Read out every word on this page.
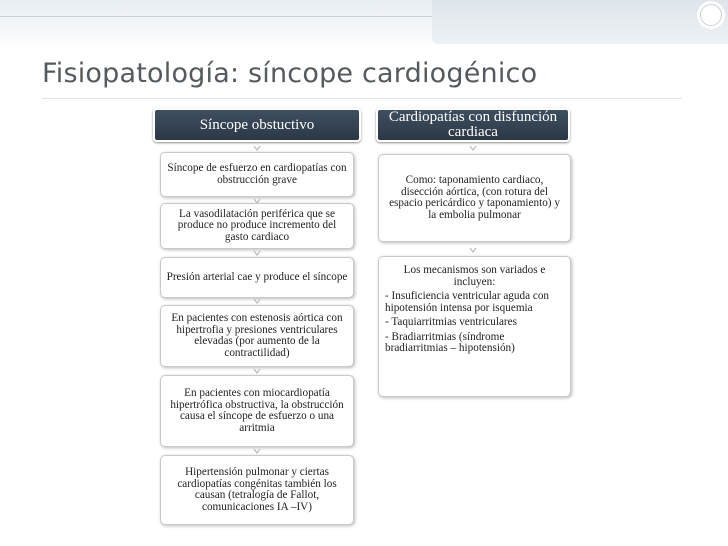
Fisiopatología: síncope cardiogénico
Síncope obstuctivo
Síncope de esfuerzo en cardiopatías con obstrucción grave
La vasodilatación periférica que se produce no produce incremento del gasto cardiaco
Presión arterial cae y produce el síncope
En pacientes con estenosis aórtica con hipertrofia y presiones ventriculares elevadas (por aumento de la contractilidad)
En pacientes con miocardiopatía hipertrófica obstructiva, la obstrucción causa el síncope de esfuerzo o una arritmia
Hipertensión pulmonar y ciertas cardiopatías congénitas también los causan (tetralogía de Fallot, comunicaciones IA –IV)
Cardiopatías con disfunción cardiaca
Como: taponamiento cardiaco, disección aórtica, (con rotura del espacio pericárdico y taponamiento) y la embolia pulmonar
Los mecanismos son variados e incluyen:
- Insuficiencia ventricular aguda con hipotensión intensa por isquemia
- Taquiarritmias ventriculares
- Bradiarritmias (síndrome bradiarritmias – hipotensión)
